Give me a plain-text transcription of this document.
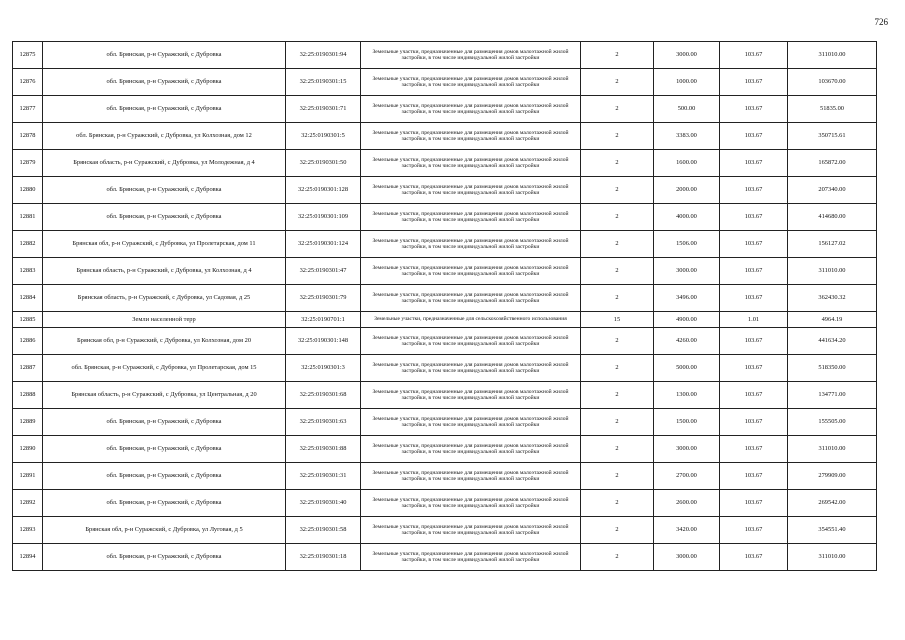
726
12875	обл. Брянская, р-н Суражский, с Дубровка	32:25:0190301:94	Земельные участки, предназначенные для размещения домов малоэтажной жилой застройки, в том числе индивидуальной жилой застройки	2	3000.00	103.67	311010.00
12876	обл. Брянская, р-н Суражский, с Дубровка	32:25:0190301:15	Земельные участки, предназначенные для размещения домов малоэтажной жилой застройки, в том числе индивидуальной жилой застройки	2	1000.00	103.67	103670.00
12877	обл. Брянская, р-н Суражский, с Дубровка	32:25:0190301:71	Земельные участки, предназначенные для размещения домов малоэтажной жилой застройки, в том числе индивидуальной жилой застройки	2	500.00	103.67	51835.00
12878	обл. Брянская, р-н Суражский, с Дубровка, ул Колхозная, дом 12	32:25:0190301:5	Земельные участки, предназначенные для размещения домов малоэтажной жилой застройки, в том числе индивидуальной жилой застройки	2	3383.00	103.67	350715.61
12879	Брянская область, р-н Суражский, с Дубровка, ул Молодежная, д 4	32:25:0190301:50	Земельные участки, предназначенные для размещения домов малоэтажной жилой застройки, в том числе индивидуальной жилой застройки	2	1600.00	103.67	165872.00
12880	обл. Брянская, р-н Суражский, с Дубровка	32:25:0190301:128	Земельные участки, предназначенные для размещения домов малоэтажной жилой застройки, в том числе индивидуальной жилой застройки	2	2000.00	103.67	207340.00
12881	обл. Брянская, р-н Суражский, с Дубровка	32:25:0190301:109	Земельные участки, предназначенные для размещения домов малоэтажной жилой застройки, в том числе индивидуальной жилой застройки	2	4000.00	103.67	414680.00
12882	Брянская обл, р-н Суражский, с Дубровка, ул Пролетарская, дом 11	32:25:0190301:124	Земельные участки, предназначенные для размещения домов малоэтажной жилой застройки, в том числе индивидуальной жилой застройки	2	1506.00	103.67	156127.02
12883	Брянская область, р-н Суражский, с Дубровка, ул Колхозная, д 4	32:25:0190301:47	Земельные участки, предназначенные для размещения домов малоэтажной жилой застройки, в том числе индивидуальной жилой застройки	2	3000.00	103.67	311010.00
12884	Брянская область, р-н Суражский, с Дубровка, ул Садовая, д 25	32:25:0190301:79	Земельные участки, предназначенные для размещения домов малоэтажной жилой застройки, в том числе индивидуальной жилой застройки	2	3496.00	103.67	362430.32
12885	Земли населенной терр	32:25:0190701:1	Земельные участки, предназначенные для сельскохозяйственного использования	15	4900.00	1.01	4964.19
12886	Брянская обл, р-н Суражский, с Дубровка, ул Колхозная, дом 20	32:25:0190301:148	Земельные участки, предназначенные для размещения домов малоэтажной жилой застройки, в том числе индивидуальной жилой застройки	2	4260.00	103.67	441634.20
12887	обл. Брянская, р-н Суражский, с Дубровка, ул Пролетарская, дом 15	32:25:0190301:3	Земельные участки, предназначенные для размещения домов малоэтажной жилой застройки, в том числе индивидуальной жилой застройки	2	5000.00	103.67	518350.00
12888	Брянская область, р-н Суражский, с Дубровка, ул Центральная, д 20	32:25:0190301:68	Земельные участки, предназначенные для размещения домов малоэтажной жилой застройки, в том числе индивидуальной жилой застройки	2	1300.00	103.67	134771.00
12889	обл. Брянская, р-н Суражский, с Дубровка	32:25:0190301:63	Земельные участки, предназначенные для размещения домов малоэтажной жилой застройки, в том числе индивидуальной жилой застройки	2	1500.00	103.67	155505.00
12890	обл. Брянская, р-н Суражский, с Дубровка	32:25:0190301:88	Земельные участки, предназначенные для размещения домов малоэтажной жилой застройки, в том числе индивидуальной жилой застройки	2	3000.00	103.67	311010.00
12891	обл. Брянская, р-н Суражский, с Дубровка	32:25:0190301:31	Земельные участки, предназначенные для размещения домов малоэтажной жилой застройки, в том числе индивидуальной жилой застройки	2	2700.00	103.67	279909.00
12892	обл. Брянская, р-н Суражский, с Дубровка	32:25:0190301:40	Земельные участки, предназначенные для размещения домов малоэтажной жилой застройки, в том числе индивидуальной жилой застройки	2	2600.00	103.67	269542.00
12893	Брянская обл, р-н Суражский, с Дубровка, ул Луговая, д 5	32:25:0190301:58	Земельные участки, предназначенные для размещения домов малоэтажной жилой застройки, в том числе индивидуальной жилой застройки	2	3420.00	103.67	354551.40
12894	обл. Брянская, р-н Суражский, с Дубровка	32:25:0190301:18	Земельные участки, предназначенные для размещения домов малоэтажной жилой застройки, в том числе индивидуальной жилой застройки	2	3000.00	103.67	311010.00
